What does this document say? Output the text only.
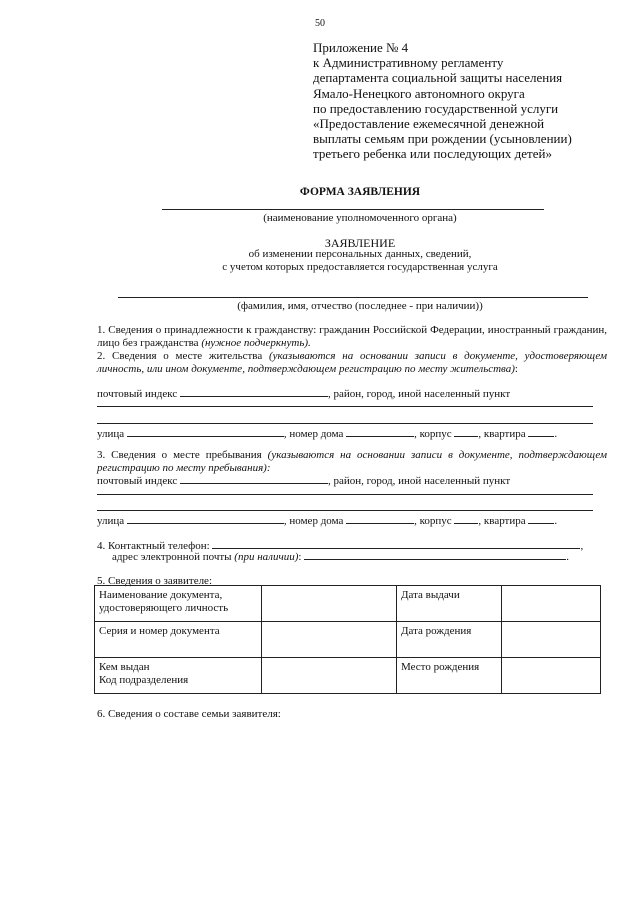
50
Приложение № 4
к Административному регламенту
департамента социальной защиты населения
Ямало-Ненецкого автономного округа
по предоставлению государственной услуги
«Предоставление ежемесячной денежной
выплаты семьям при рождении (усыновлении)
третьего ребенка или последующих детей»
ФОРМА ЗАЯВЛЕНИЯ
(наименование уполномоченного органа)
ЗАЯВЛЕНИЕ
об изменении персональных данных, сведений,
с учетом которых предоставляется государственная услуга
(фамилия, имя, отчество (последнее - при наличии))
1. Сведения о принадлежности к гражданству: гражданин Российской Федерации, иностранный гражданин, лицо без гражданства (нужное подчеркнуть).
2. Сведения о месте жительства (указываются на основании записи в документе, удостоверяющем личность, или ином документе, подтверждающем регистрацию по месту жительства):
почтовый индекс	, район, город, иной населенный пункт
улица	, номер дома	, корпус , квартира	.
3. Сведения о месте пребывания (указываются на основании записи в документе, подтверждающем регистрацию по месту пребывания):
почтовый индекс	, район, город, иной населенный пункт
улица	, номер дома	, корпус , квартира	.
4. Контактный телефон:	,
адрес электронной почты (при наличии):	.
5. Сведения о заявителе:
Наименование документа, удостоверяющего личность		Дата выдачи	
Серия и номер документа		Дата рождения	

Кем выдан
Код подразделения		Место рождения	
6. Сведения о составе семьи заявителя:
